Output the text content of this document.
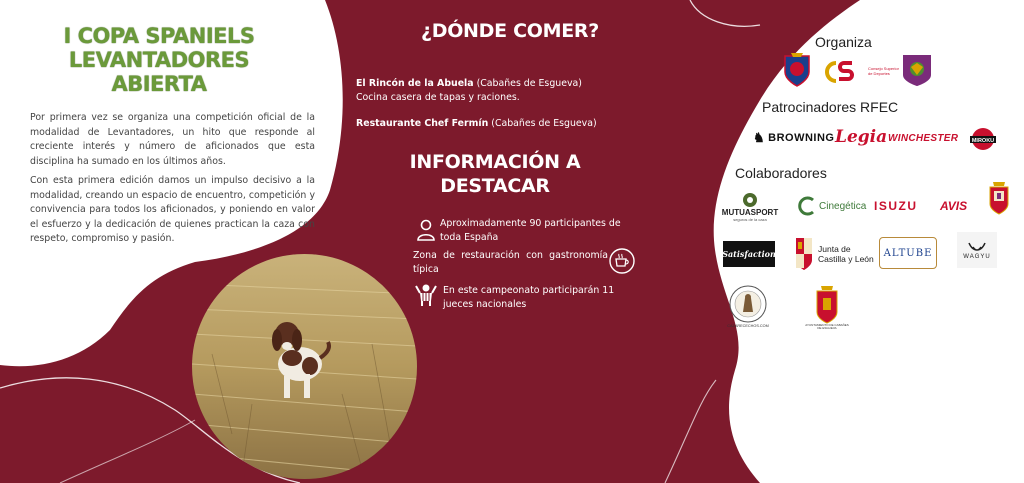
I COPA SPANIELS
LEVANTADORES
ABIERTA

Por primera vez se organiza una competición oficial de la modalidad de Levantadores, un hito que responde al creciente interés y número de aficionados que esta disciplina ha sumado en los últimos años.

Con esta primera edición damos un impulso decisivo a la modalidad, creando un espacio de encuentro, competición y convivencia para todos los aficionados, y poniendo en valor el esfuerzo y la dedicación de quienes practican la caza con respeto, compromiso y pasión.

¿DÓNDE COMER?
El Rincón de la Abuela (Cabañes de Esgueva)
Cocina casera de tapas y raciones.
Restaurante Chef Fermín (Cabañes de Esgueva)
INFORMACIÓN A
DESTACAR
Aproximadamente 90 participantes de toda España
Zona de restauración con gastronomía típica
En este campeonato participarán 11 jueces nacionales
Organiza
Patrocinadores RFEC
Colaboradores
Consejo Superior de Deportes
♞ BROWNING Legia WINCHESTER MIROKU
MUTUASPORT
seguros de la caza
Cinegética ISUZU AVIS
Satisfaction	Junta de
Castilla y León
ALTUBE	WAGYU
CAZARECECHOS.COM	AYUNTAMIENTO DE CABAÑES DE ESGUEVA
